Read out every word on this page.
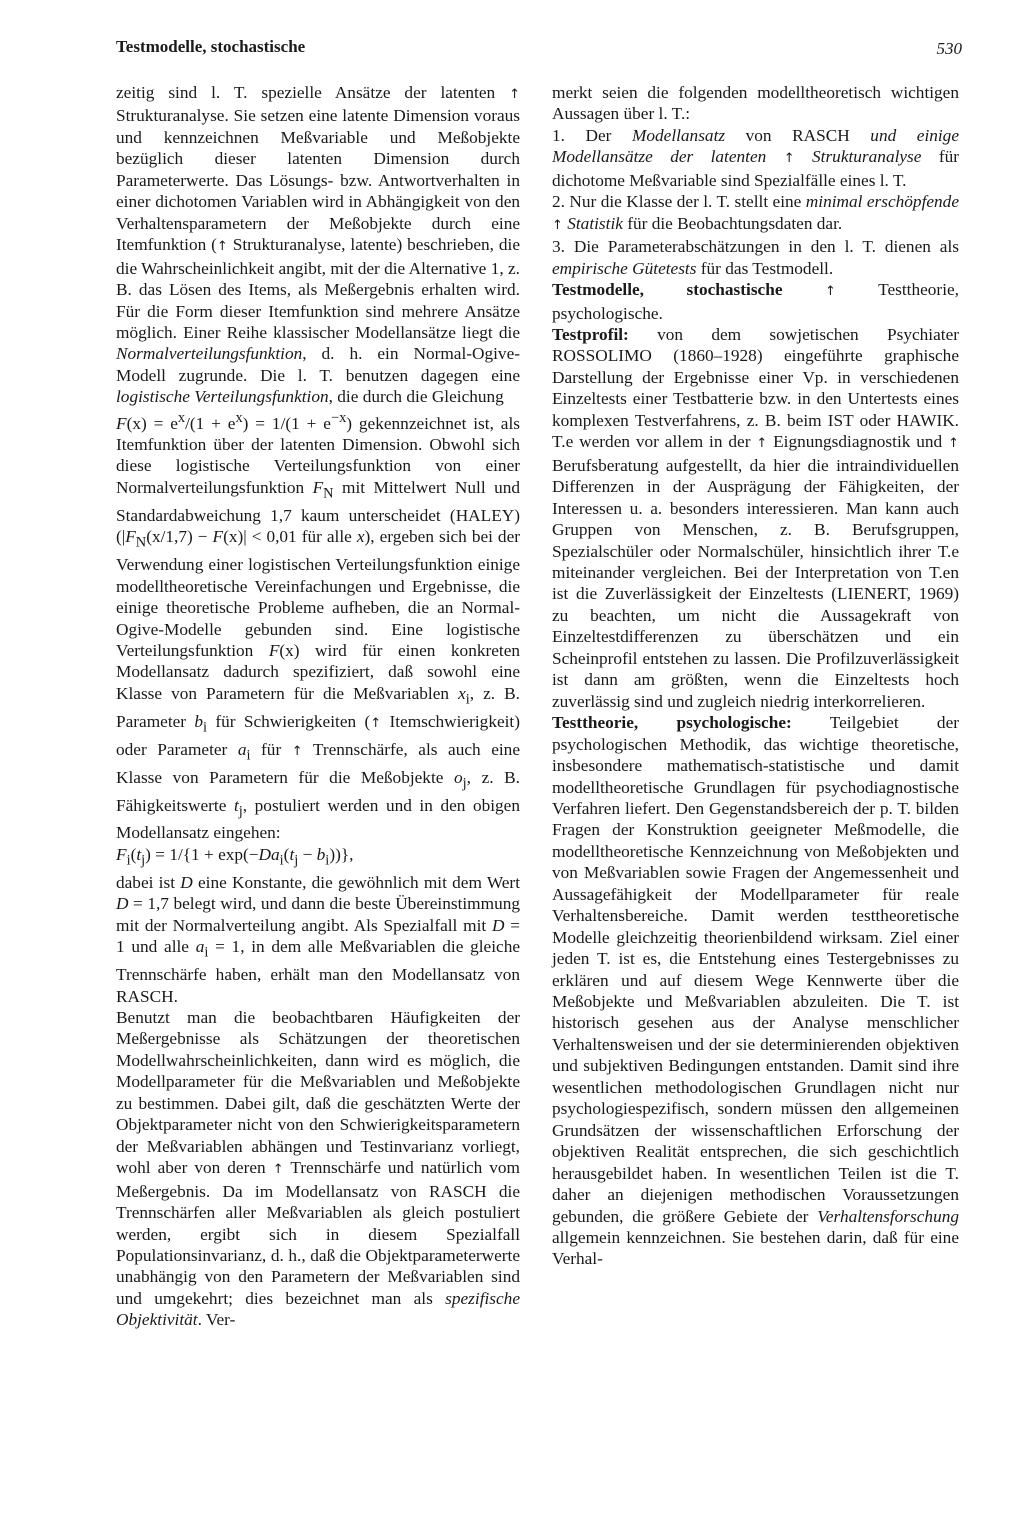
Testmodelle, stochastische	530

zeitig sind l. T. spezielle Ansätze der latenten ↑ Strukturanalyse. Sie setzen eine latente Dimension voraus und kennzeichnen Meßvariable und Meßobjekte bezüglich dieser latenten Dimension durch Parameterwerte. Das Lösungs- bzw. Antwortverhalten in einer dichotomen Variablen wird in Abhängigkeit von den Verhaltensparametern der Meßobjekte durch eine Itemfunktion (↑ Strukturanalyse, latente) beschrieben, die die Wahrscheinlichkeit angibt, mit der die Alternative 1, z. B. das Lösen des Items, als Meßergebnis erhalten wird. Für die Form dieser Itemfunktion sind mehrere Ansätze möglich. Einer Reihe klassischer Modellansätze liegt die Normalverteilungsfunktion, d. h. ein Normal-Ogive-Modell zugrunde. Die l. T. benutzen dagegen eine logistische Verteilungsfunktion, die durch die Gleichung

$F(x) = e^x/(1 + e^x) = 1/(1 + e^{-x})$ gekennzeichnet ist, als Itemfunktion über der latenten Dimension. Obwohl sich diese logistische Verteilungsfunktion von einer Normalverteilungsfunktion $F_N$ mit Mittelwert Null und Standardabweichung 1,7 kaum unterscheidet (HALEY) ($|F_N(x/1,7) - F(x)| < 0,01$ für alle x), ergeben sich bei der Verwendung einer logistischen Verteilungsfunktion einige modelltheoretische Vereinfachungen und Ergebnisse, die einige theoretische Probleme aufheben, die an Normal-Ogive-Modelle gebunden sind. Eine logistische Verteilungsfunktion F(x) wird für einen konkreten Modellansatz dadurch spezifiziert, daß sowohl eine Klasse von Parametern für die Meßvariablen $x_i$, z. B. Parameter $b_i$ für Schwierigkeiten (↑ Itemschwierigkeit) oder Parameter $a_i$ für ↑ Trennschärfe, als auch eine Klasse von Parametern für die Meßobjekte $o_j$, z. B. Fähigkeitswerte $t_j$, postuliert werden und in den obigen Modellansatz eingehen:

$F_i(t_j) = 1/\{1 + \exp(-Da_i(t_j - b_i))\}$,

dabei ist D eine Konstante, die gewöhnlich mit dem Wert D = 1,7 belegt wird, und dann die beste Übereinstimmung mit der Normalverteilung angibt. Als Spezialfall mit D = 1 und alle $a_i = 1$, in dem alle Meßvariablen die gleiche Trennschärfe haben, erhält man den Modellansatz von RASCH.

Benutzt man die beobachtbaren Häufigkeiten der Meßergebnisse als Schätzungen der theoretischen Modellwahrscheinlichkeiten, dann wird es möglich, die Modellparameter für die Meßvariablen und Meßobjekte zu bestimmen. Dabei gilt, daß die geschätzten Werte der Objektparameter nicht von den Schwierigkeitsparametern der Meßvariablen abhängen und Testinvarianz vorliegt, wohl aber von deren ↑ Trennschärfe und natürlich vom Meßergebnis. Da im Modellansatz von RASCH die Trennschärfen aller Meßvariablen als gleich postuliert werden, ergibt sich in diesem Spezialfall Populationsinvarianz, d. h., daß die Objektparameterwerte unabhängig von den Parametern der Meßvariablen sind und umgekehrt; dies bezeichnet man als spezifische Objektivität. Ver-

merkt seien die folgenden modelltheoretisch wichtigen Aussagen über l. T.:

1. Der Modellansatz von RASCH und einige Modellansätze der latenten ↑ Strukturanalyse für dichotome Meßvariable sind Spezialfälle eines l. T.

2. Nur die Klasse der l. T. stellt eine minimal erschöpfende ↑ Statistik für die Beobachtungsdaten dar.

3. Die Parameterabschätzungen in den l. T. dienen als empirische Gütetests für das Testmodell.

Testmodelle, stochastische	↑ Testtheorie, psychologische.

Testprofil: von dem sowjetischen Psychiater ROSSOLIMO (1860–1928) eingeführte graphische Darstellung der Ergebnisse einer Vp. in verschiedenen Einzeltests einer Testbatterie bzw. in den Untertests eines komplexen Testverfahrens, z. B. beim IST oder HAWIK. T.e werden vor allem in der ↑ Eignungsdiagnostik und ↑ Berufsberatung aufgestellt, da hier die intraindividuellen Differenzen in der Ausprägung der Fähigkeiten, der Interessen u. a. besonders interessieren. Man kann auch Gruppen von Menschen, z. B. Berufsgruppen, Spezialschüler oder Normalschüler, hinsichtlich ihrer T.e miteinander vergleichen. Bei der Interpretation von T.en ist die Zuverlässigkeit der Einzeltests (LIENERT, 1969) zu beachten, um nicht die Aussagekraft von Einzeltestdifferenzen zu überschätzen und ein Scheinprofil entstehen zu lassen. Die Profilzuverlässigkeit ist dann am größten, wenn die Einzeltests hoch zuverlässig sind und zugleich niedrig interkorrelieren.

Testtheorie, psychologische: Teilgebiet der psychologischen Methodik, das wichtige theoretische, insbesondere mathematisch-statistische und damit modelltheoretische Grundlagen für psychodiagnostische Verfahren liefert. Den Gegenstandsbereich der p. T. bilden Fragen der Konstruktion geeigneter Meßmodelle, die modelltheoretische Kennzeichnung von Meßobjekten und von Meßvariablen sowie Fragen der Angemessenheit und Aussagefähigkeit der Modellparameter für reale Verhaltensbereiche. Damit werden testtheoretische Modelle gleichzeitig theorienbildend wirksam. Ziel einer jeden T. ist es, die Entstehung eines Testergebnisses zu erklären und auf diesem Wege Kennwerte über die Meßobjekte und Meßvariablen abzuleiten. Die T. ist historisch gesehen aus der Analyse menschlicher Verhaltensweisen und der sie determinierenden objektiven und subjektiven Bedingungen entstanden. Damit sind ihre wesentlichen methodologischen Grundlagen nicht nur psychologiespezifisch, sondern müssen den allgemeinen Grundsätzen der wissenschaftlichen Erforschung der objektiven Realität entsprechen, die sich geschichtlich herausgebildet haben. In wesentlichen Teilen ist die T. daher an diejenigen methodischen Voraussetzungen gebunden, die größere Gebiete der Verhaltensforschung allgemein kennzeichnen. Sie bestehen darin, daß für eine Verhal-
